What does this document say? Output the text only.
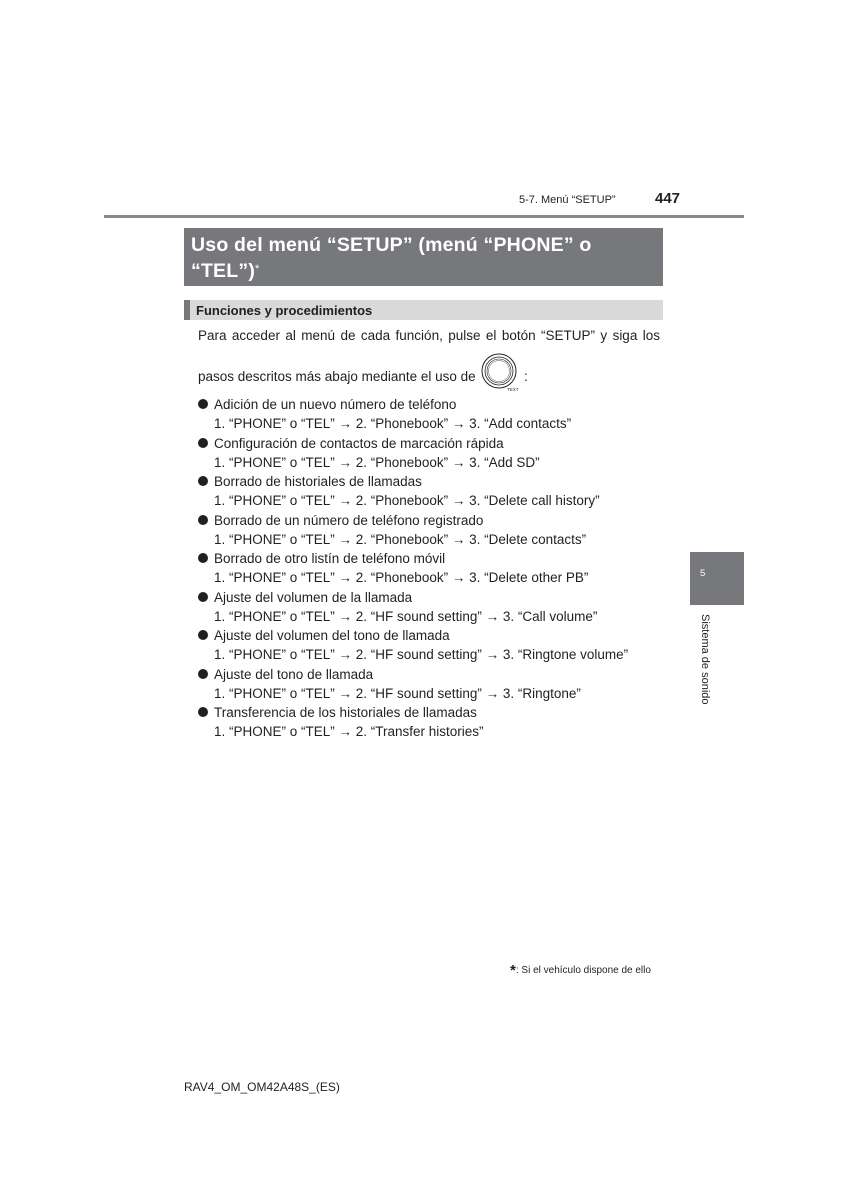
5-7. Menú “SETUP”	447
Uso del menú “SETUP” (menú “PHONE” o
“TEL”)*
Funciones y procedimientos
Para acceder al menú de cada función, pulse el botón “SETUP” y siga los
pasos descritos más abajo mediante el uso de
TEXT
:
Adición de un nuevo número de teléfono
1. “PHONE” o “TEL” → 2. “Phonebook” → 3. “Add contacts”
Configuración de contactos de marcación rápida
1. “PHONE” o “TEL” → 2. “Phonebook” → 3. “Add SD”
Borrado de historiales de llamadas
1. “PHONE” o “TEL” → 2. “Phonebook” → 3. “Delete call history”
Borrado de un número de teléfono registrado
1. “PHONE” o “TEL” → 2. “Phonebook” → 3. “Delete contacts”
Borrado de otro listín de teléfono móvil
1. “PHONE” o “TEL” → 2. “Phonebook” → 3. “Delete other PB”
Ajuste del volumen de la llamada
1. “PHONE” o “TEL” → 2. “HF sound setting” → 3. “Call volume”
Ajuste del volumen del tono de llamada
1. “PHONE” o “TEL” → 2. “HF sound setting” → 3. “Ringtone volume”
Ajuste del tono de llamada
1. “PHONE” o “TEL” → 2. “HF sound setting” → 3. “Ringtone”
Transferencia de los historiales de llamadas
1. “PHONE” o “TEL” → 2. “Transfer histories”
5
Sistema de sonido
*: Si el vehículo dispone de ello
RAV4_OM_OM42A48S_(ES)
